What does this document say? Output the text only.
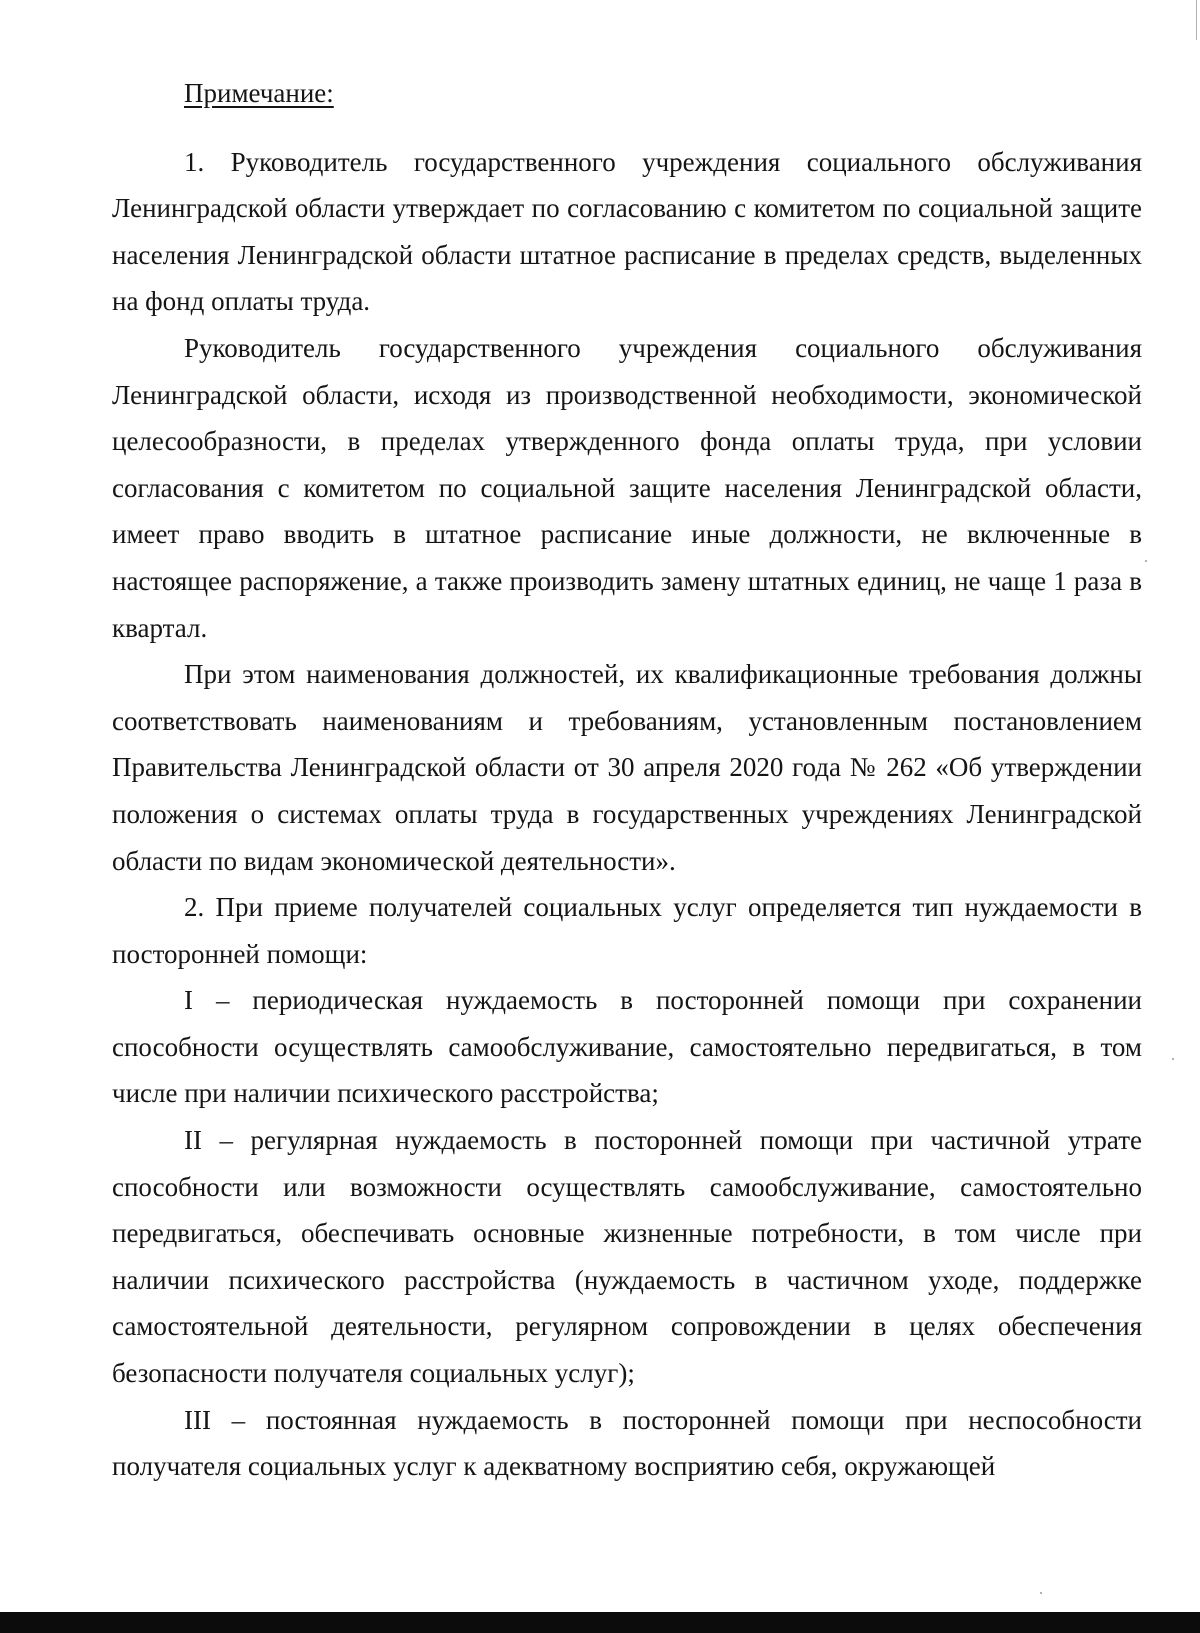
Примечание:

1. Руководитель государственного учреждения социального обслуживания Ленинградской области утверждает по согласованию с комитетом по социальной защите населения Ленинградской области штатное расписание в пределах средств, выделенных на фонд оплаты труда.

Руководитель государственного учреждения социального обслуживания Ленинградской области, исходя из производственной необходимости, экономической целесообразности, в пределах утвержденного фонда оплаты труда, при условии согласования с комитетом по социальной защите населения Ленинградской области, имеет право вводить в штатное расписание иные должности, не включенные в настоящее распоряжение, а также производить замену штатных единиц, не чаще 1 раза в квартал.

При этом наименования должностей, их квалификационные требования должны соответствовать наименованиям и требованиям, установленным постановлением Правительства Ленинградской области от 30 апреля 2020 года № 262 «Об утверждении положения о системах оплаты труда в государственных учреждениях Ленинградской области по видам экономической деятельности».

2. При приеме получателей социальных услуг определяется тип нуждаемости в посторонней помощи:

I – периодическая нуждаемость в посторонней помощи при сохранении способности осуществлять самообслуживание, самостоятельно передвигаться, в том числе при наличии психического расстройства;

II – регулярная нуждаемость в посторонней помощи при частичной утрате способности или возможности осуществлять самообслуживание, самостоятельно передвигаться, обеспечивать основные жизненные потребности, в том числе при наличии психического расстройства (нуждаемость в частичном уходе, поддержке самостоятельной деятельности, регулярном сопровождении в целях обеспечения безопасности получателя социальных услуг);

III – постоянная нуждаемость в посторонней помощи при неспособности получателя социальных услуг к адекватному восприятию себя, окружающей
